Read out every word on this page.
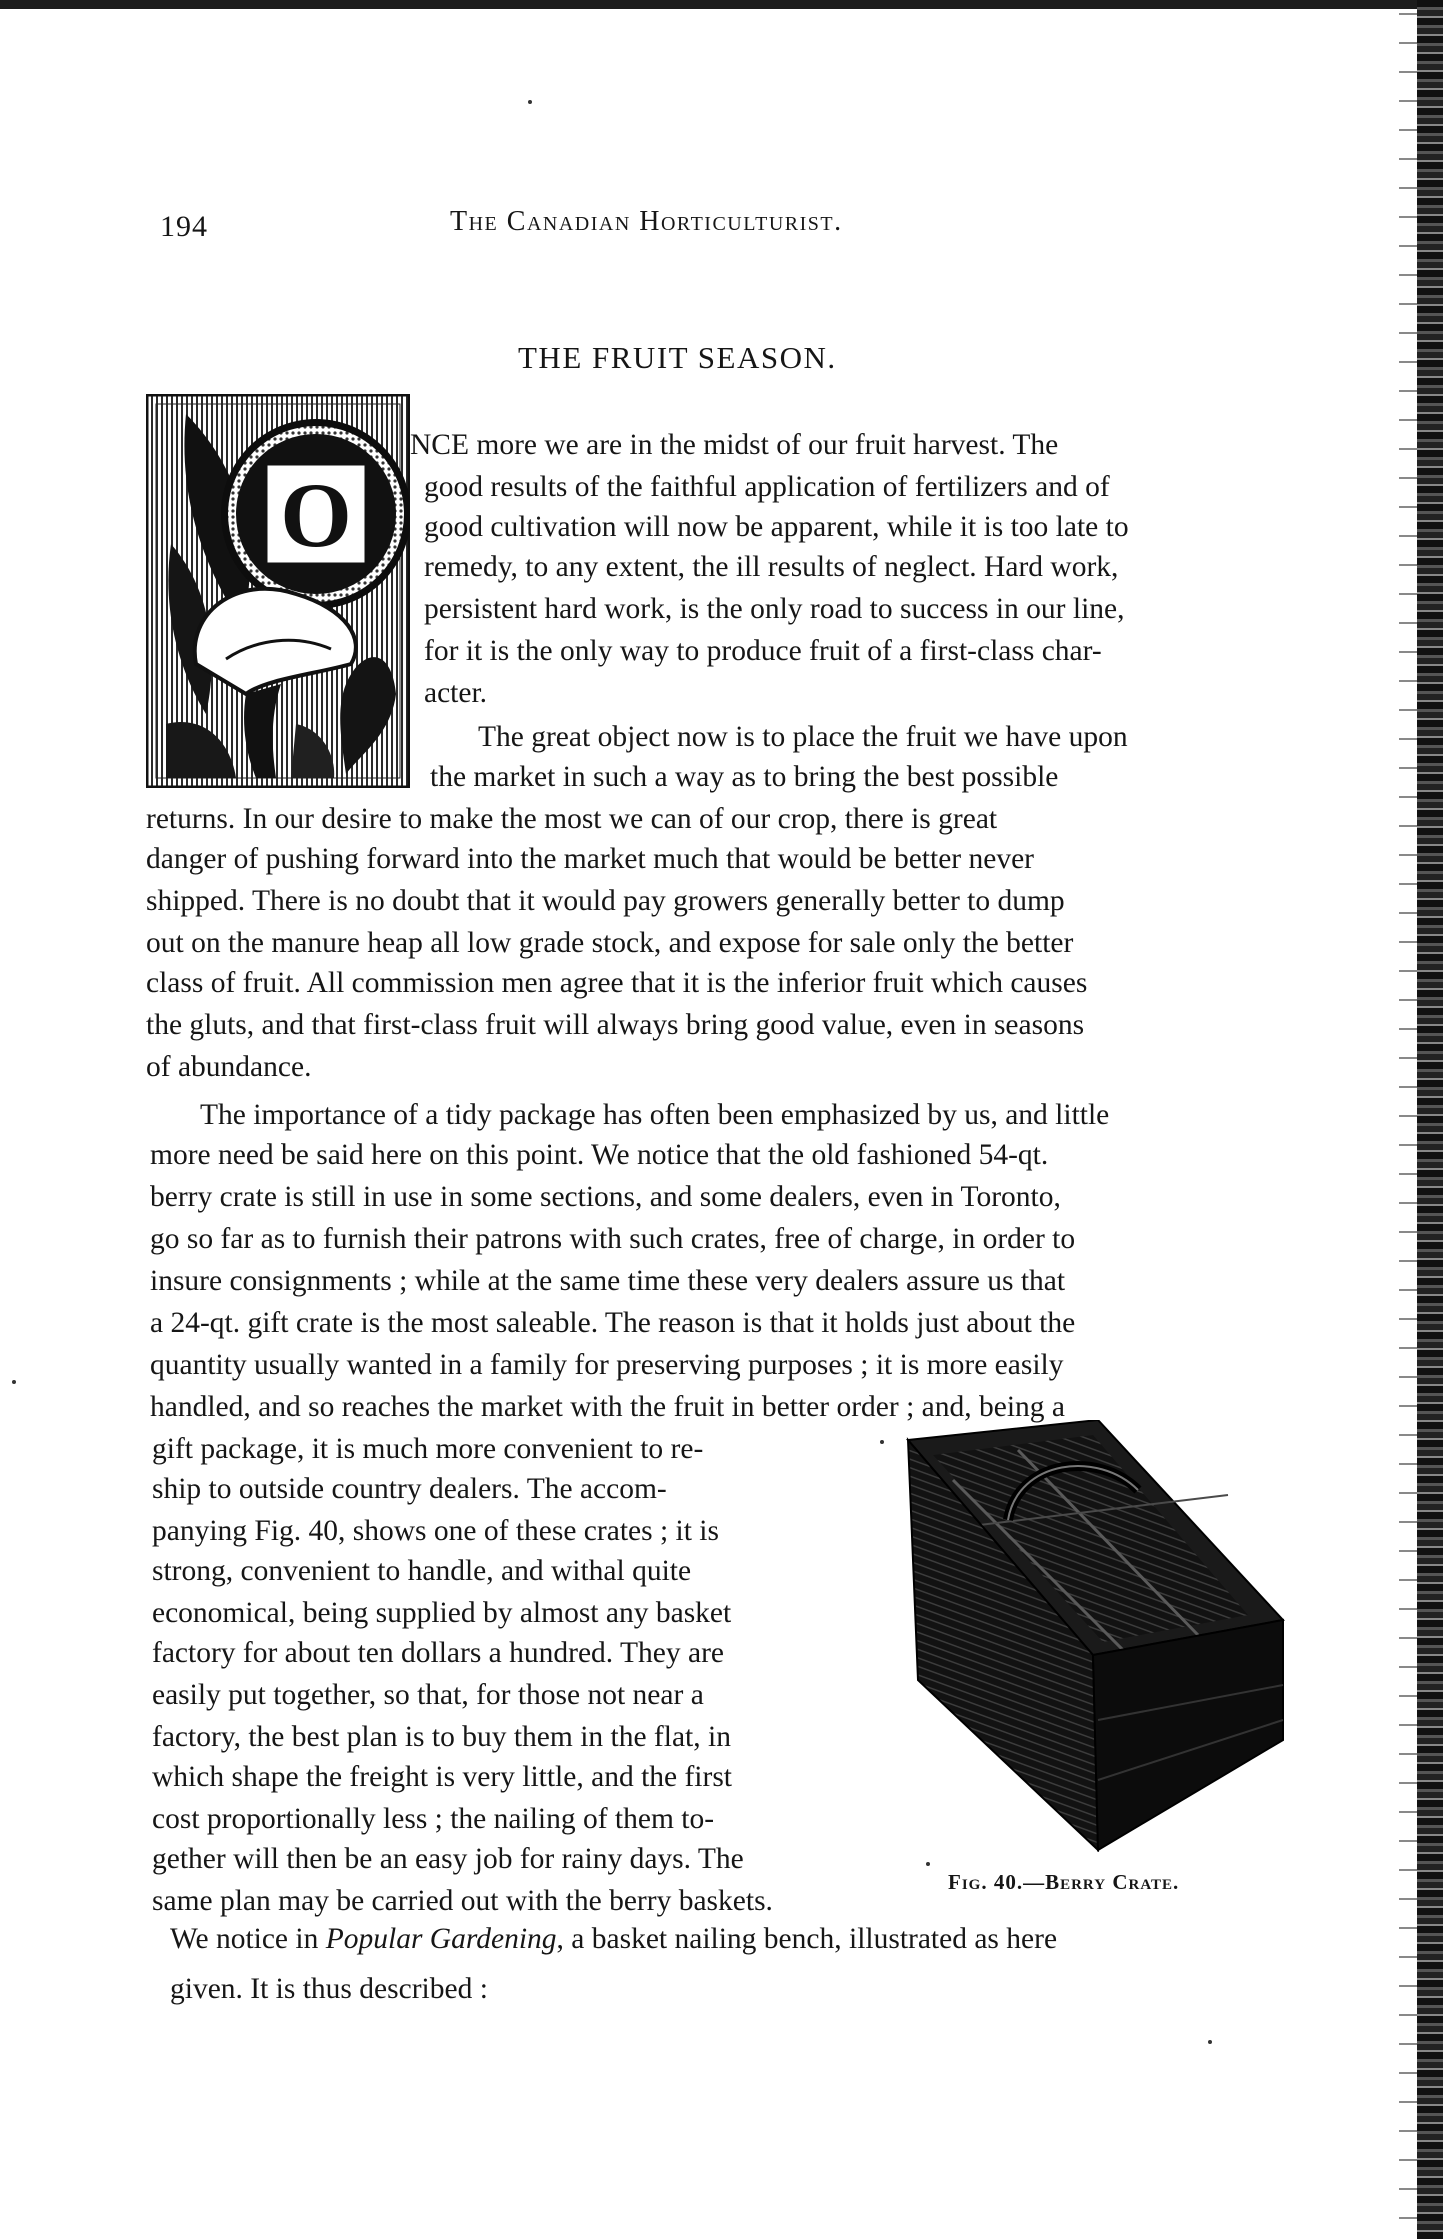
194	The Canadian Horticulturist.
THE FRUIT SEASON.
O
NCE more we are in the midst of our fruit harvest. The
good results of the faithful application of fertilizers and of
good cultivation will now be apparent, while it is too late to
remedy, to any extent, the ill results of neglect. Hard work,
persistent hard work, is the only road to success in our line,
for it is the only way to produce fruit of a first-class char-
acter.
The great object now is to place the fruit we have upon
the market in such a way as to bring the best possible
returns. In our desire to make the most we can of our crop, there is great
danger of pushing forward into the market much that would be better never
shipped. There is no doubt that it would pay growers generally better to dump
out on the manure heap all low grade stock, and expose for sale only the better
class of fruit. All commission men agree that it is the inferior fruit which causes
the gluts, and that first-class fruit will always bring good value, even in seasons
of abundance.
The importance of a tidy package has often been emphasized by us, and little
more need be said here on this point. We notice that the old fashioned 54-qt.
berry crate is still in use in some sections, and some dealers, even in Toronto,
go so far as to furnish their patrons with such crates, free of charge, in order to
insure consignments ; while at the same time these very dealers assure us that
a 24-qt. gift crate is the most saleable. The reason is that it holds just about the
quantity usually wanted in a family for preserving purposes ; it is more easily
handled, and so reaches the market with the fruit in better order ; and, being a
gift package, it is much more convenient to re-
ship to outside country dealers. The accom-
panying Fig. 40, shows one of these crates ; it is
strong, convenient to handle, and withal quite
economical, being supplied by almost any basket
factory for about ten dollars a hundred. They are
easily put together, so that, for those not near a
factory, the best plan is to buy them in the flat, in
which shape the freight is very little, and the first
cost proportionally less ; the nailing of them to-
gether will then be an easy job for rainy days. The
same plan may be carried out with the berry baskets.
We notice in Popular Gardening, a basket nailing bench, illustrated as here
given. It is thus described :
Fig. 40.—Berry Crate.
